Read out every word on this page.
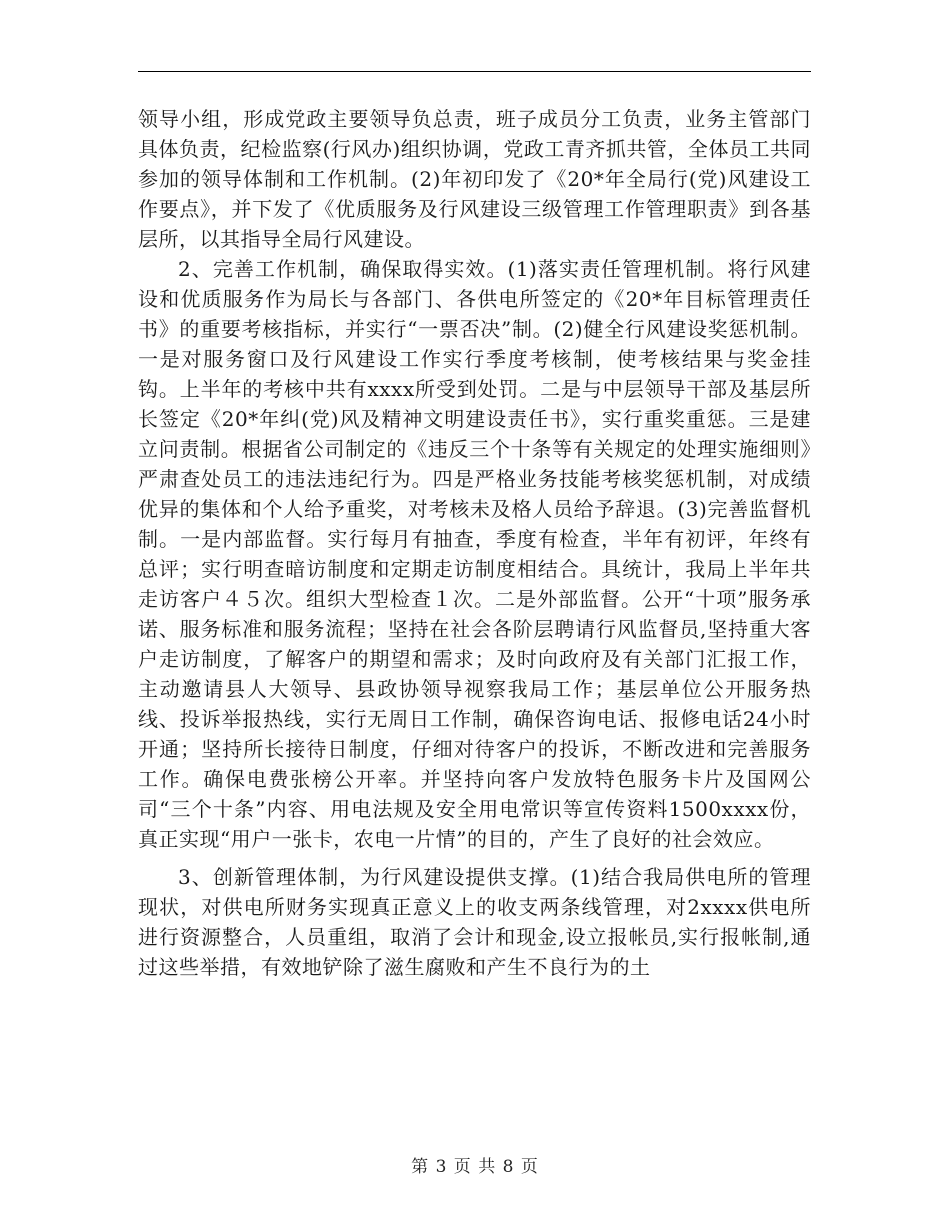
领导小组，形成党政主要领导负总责，班子成员分工负责，业务主管部门具体负责，纪检监察(行风办)组织协调，党政工青齐抓共管，全体员工共同参加的领导体制和工作机制。(2)年初印发了《20*年全局行(党)风建设工作要点》，并下发了《优质服务及行风建设三级管理工作管理职责》到各基层所，以其指导全局行风建设。

2、完善工作机制，确保取得实效。(1)落实责任管理机制。将行风建设和优质服务作为局长与各部门、各供电所签定的《20*年目标管理责任书》的重要考核指标，并实行“一票否决”制。(2)健全行风建设奖惩机制。一是对服务窗口及行风建设工作实行季度考核制，使考核结果与奖金挂钩。上半年的考核中共有xxxx所受到处罚。二是与中层领导干部及基层所长签定《20*年纠(党)风及精神文明建设责任书》，实行重奖重惩。三是建立问责制。根据省公司制定的《违反三个十条等有关规定的处理实施细则》严肃查处员工的违法违纪行为。四是严格业务技能考核奖惩机制，对成绩优异的集体和个人给予重奖，对考核未及格人员给予辞退。(3)完善监督机制。一是内部监督。实行每月有抽查，季度有检查，半年有初评，年终有总评；实行明查暗访制度和定期走访制度相结合。具统计，我局上半年共走访客户４５次。组织大型检查１次。二是外部监督。公开“十项”服务承诺、服务标准和服务流程；坚持在社会各阶层聘请行风监督员,坚持重大客户走访制度，了解客户的期望和需求；及时向政府及有关部门汇报工作，主动邀请县人大领导、县政协领导视察我局工作；基层单位公开服务热线、投诉举报热线，实行无周日工作制，确保咨询电话、报修电话24小时开通；坚持所长接待日制度，仔细对待客户的投诉，不断改进和完善服务工作。确保电费张榜公开率。并坚持向客户发放特色服务卡片及国网公司“三个十条”内容、用电法规及安全用电常识等宣传资料1500xxxx份，真正实现“用户一张卡，农电一片情”的目的，产生了良好的社会效应。

3、创新管理体制，为行风建设提供支撑。(1)结合我局供电所的管理现状，对供电所财务实现真正意义上的收支两条线管理，对2xxxx供电所进行资源整合，人员重组，取消了会计和现金,设立报帐员,实行报帐制,通过这些举措，有效地铲除了滋生腐败和产生不良行为的土

第 3 页 共 8 页
